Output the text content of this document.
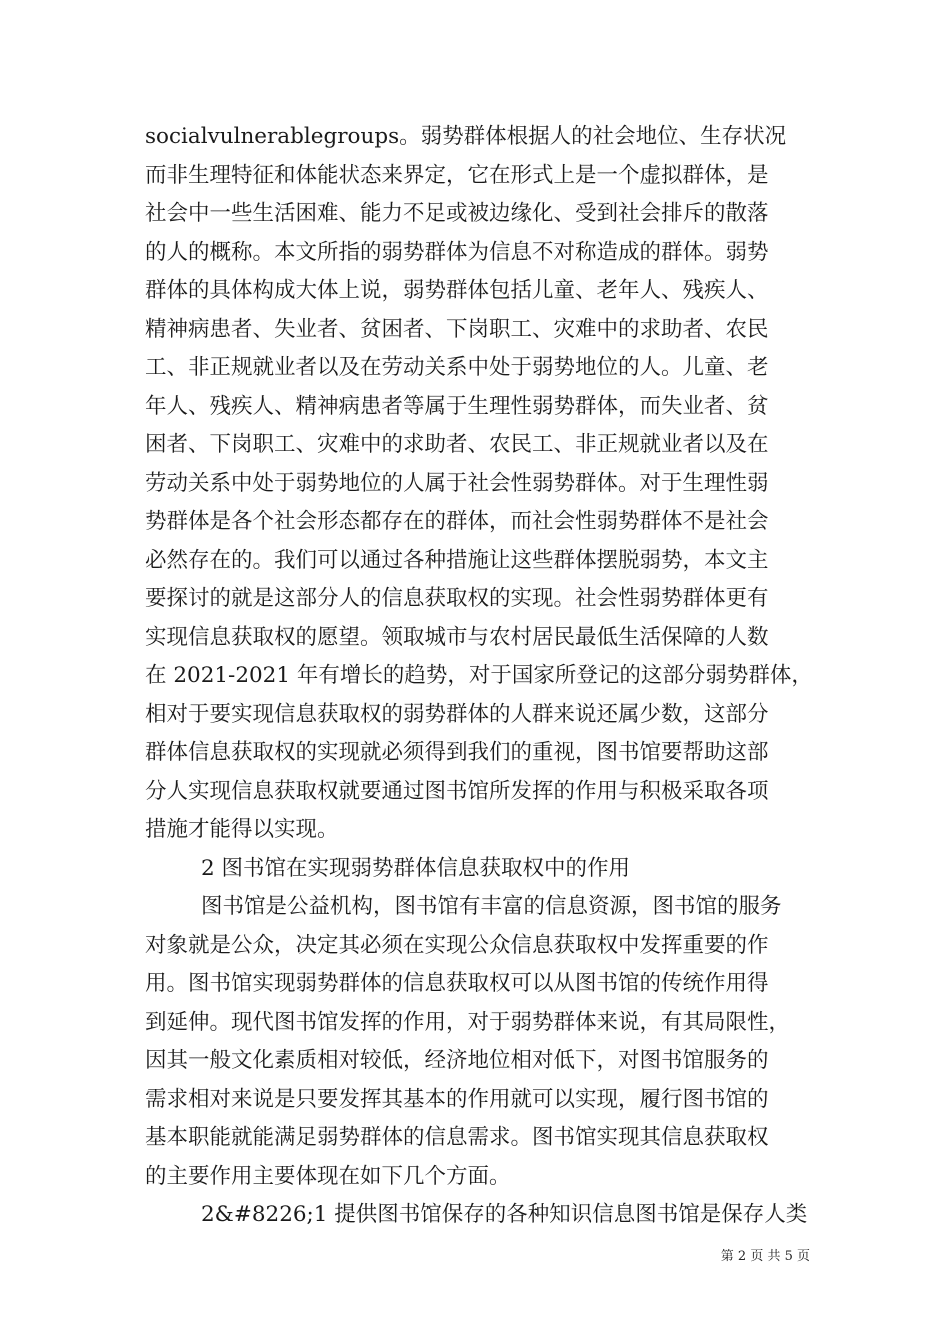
socialvulnerablegroups。弱势群体根据人的社会地位、生存状况
而非生理特征和体能状态来界定，它在形式上是一个虚拟群体，是
社会中一些生活困难、能力不足或被边缘化、受到社会排斥的散落
的人的概称。本文所指的弱势群体为信息不对称造成的群体。弱势
群体的具体构成大体上说，弱势群体包括儿童、老年人、残疾人、
精神病患者、失业者、贫困者、下岗职工、灾难中的求助者、农民
工、非正规就业者以及在劳动关系中处于弱势地位的人。儿童、老
年人、残疾人、精神病患者等属于生理性弱势群体，而失业者、贫
困者、下岗职工、灾难中的求助者、农民工、非正规就业者以及在
劳动关系中处于弱势地位的人属于社会性弱势群体。对于生理性弱
势群体是各个社会形态都存在的群体，而社会性弱势群体不是社会
必然存在的。我们可以通过各种措施让这些群体摆脱弱势，本文主
要探讨的就是这部分人的信息获取权的实现。社会性弱势群体更有
实现信息获取权的愿望。领取城市与农村居民最低生活保障的人数
在 2021-2021 年有增长的趋势，对于国家所登记的这部分弱势群体，
相对于要实现信息获取权的弱势群体的人群来说还属少数，这部分
群体信息获取权的实现就必须得到我们的重视，图书馆要帮助这部
分人实现信息获取权就要通过图书馆所发挥的作用与积极采取各项
措施才能得以实现。
2 图书馆在实现弱势群体信息获取权中的作用
图书馆是公益机构，图书馆有丰富的信息资源，图书馆的服务
对象就是公众，决定其必须在实现公众信息获取权中发挥重要的作
用。图书馆实现弱势群体的信息获取权可以从图书馆的传统作用得
到延伸。现代图书馆发挥的作用，对于弱势群体来说，有其局限性，
因其一般文化素质相对较低，经济地位相对低下，对图书馆服务的
需求相对来说是只要发挥其基本的作用就可以实现，履行图书馆的
基本职能就能满足弱势群体的信息需求。图书馆实现其信息获取权
的主要作用主要体现在如下几个方面。
2&#8226;1 提供图书馆保存的各种知识信息图书馆是保存人类
第 2 页 共 5 页
